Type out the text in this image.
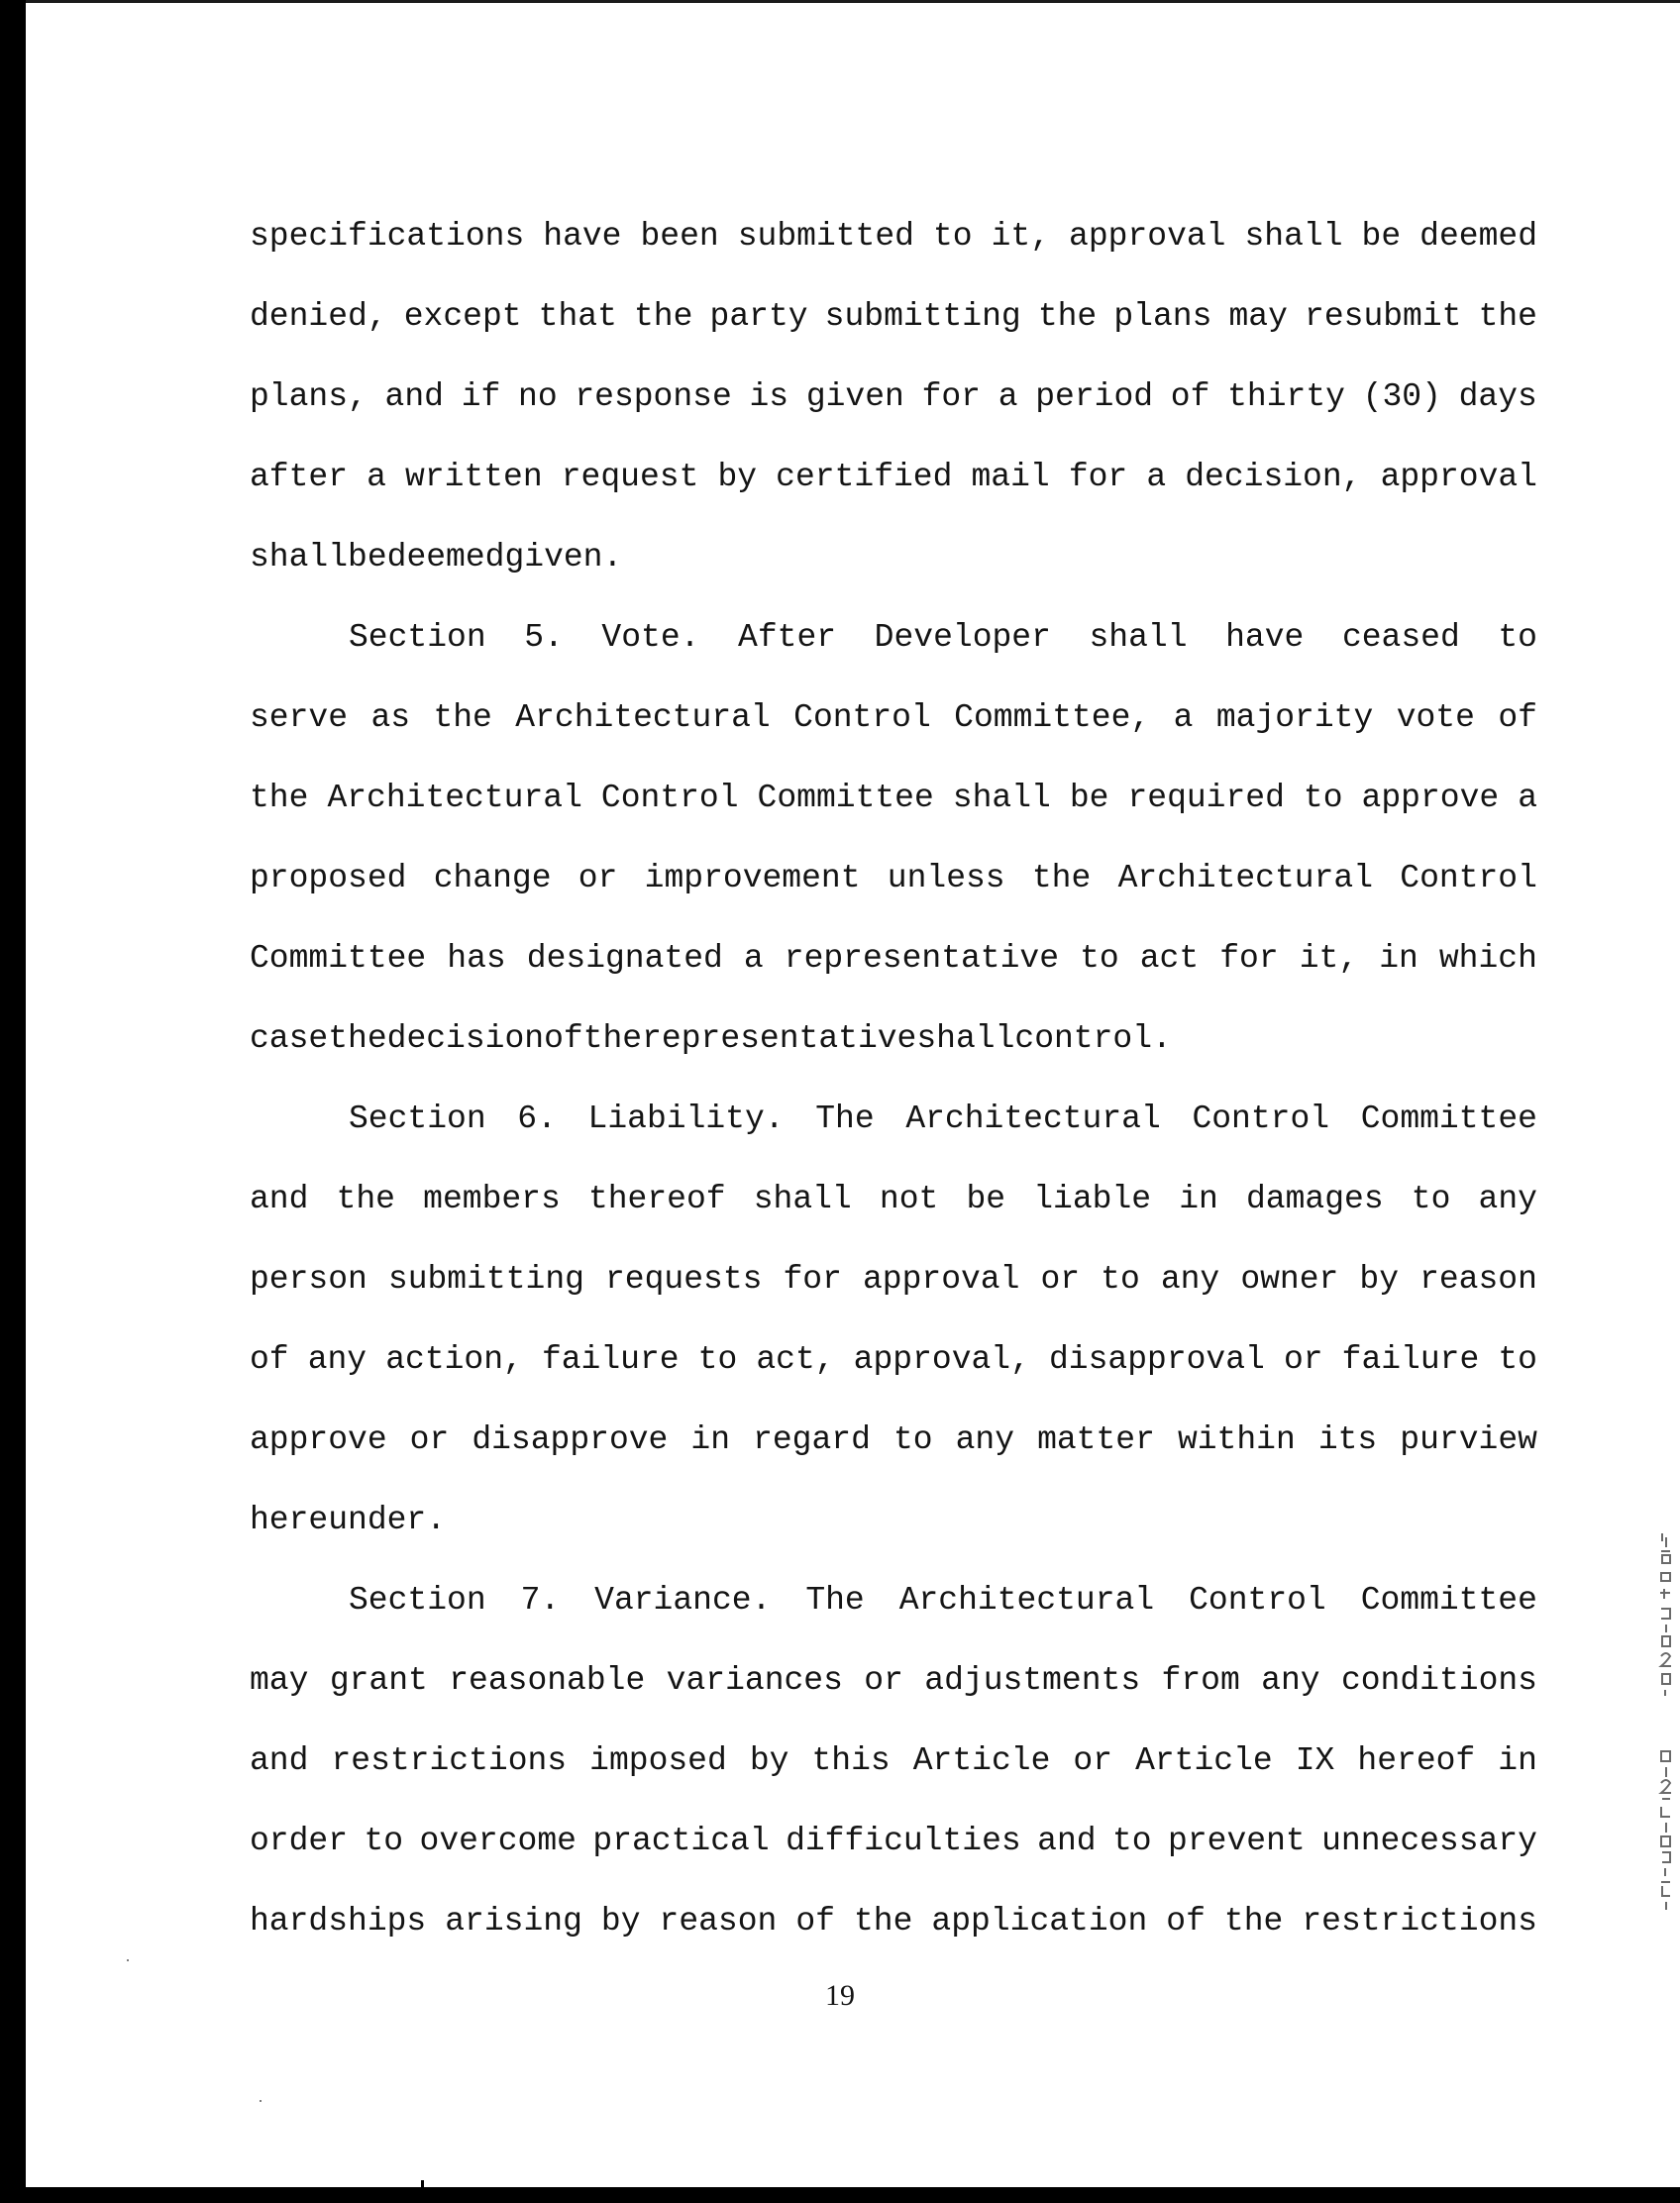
specifications have been submitted to it, approval shall be deemed
denied, except that the party submitting the plans may resubmit the
plans, and if no response is given for a period of thirty (30) days
after a written request by certified mail for a decision, approval
shall be deemed given.
Section 5. Vote. After Developer shall have ceased to
serve as the Architectural Control Committee, a majority vote of
the Architectural Control Committee shall be required to approve a
proposed change or improvement unless the Architectural Control
Committee has designated a representative to act for it, in which
case the decision of the representative shall control.
Section 6. Liability. The Architectural Control Committee
and the members thereof shall not be liable in damages to any
person submitting requests for approval or to any owner by reason
of any action, failure to act, approval, disapproval or failure to
approve or disapprove in regard to any matter within its purview
hereunder.
Section 7. Variance. The Architectural Control Committee
may grant reasonable variances or adjustments from any conditions
and restrictions imposed by this Article or Article IX hereof in
order to overcome practical difficulties and to prevent unnecessary
hardships arising by reason of the application of the restrictions
19
